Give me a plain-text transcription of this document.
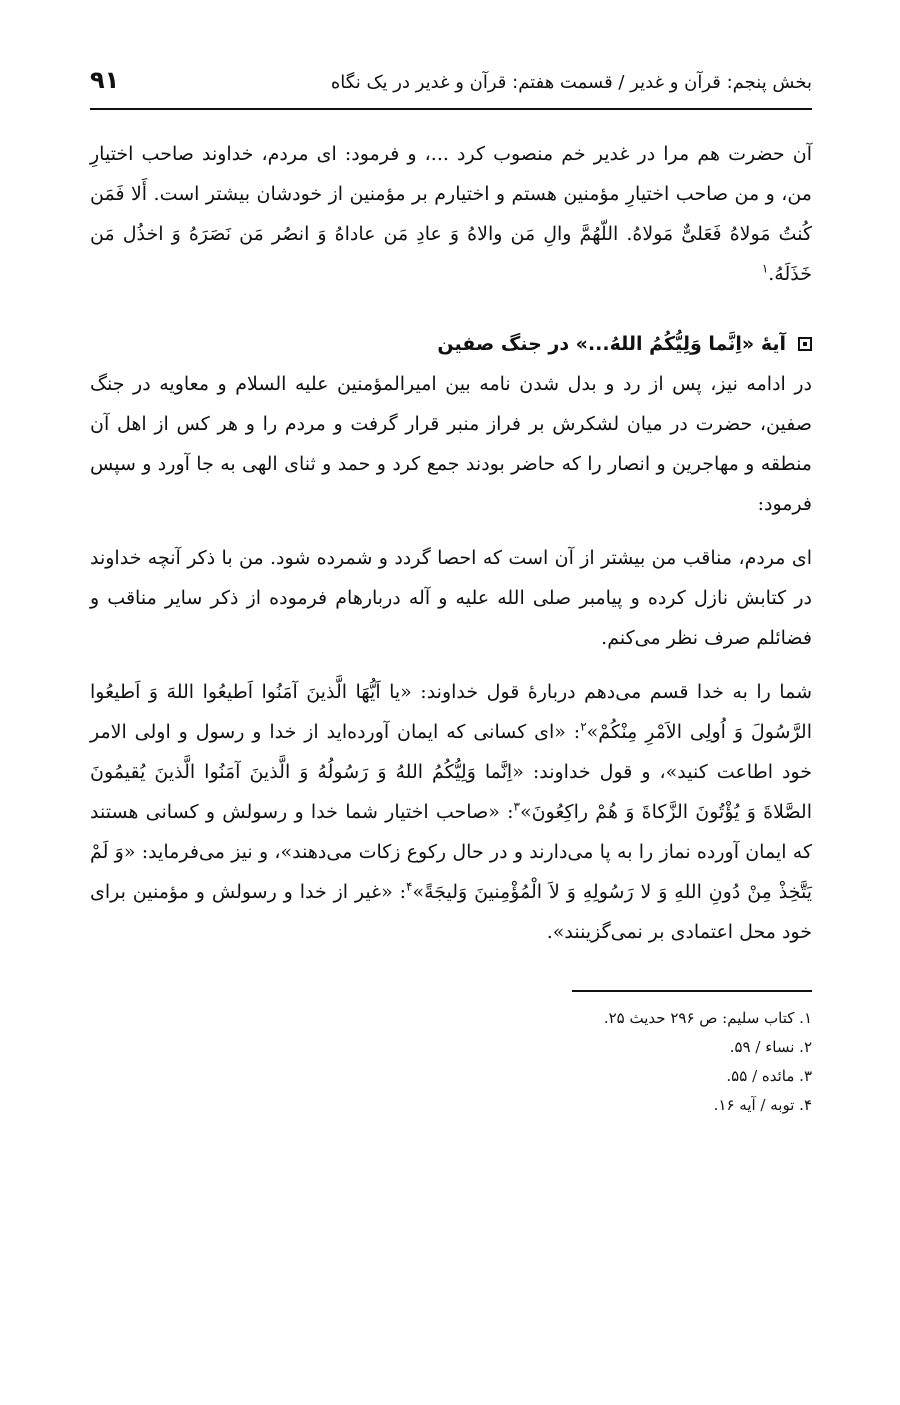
بخش پنجم: قرآن و غدیر / قسمت هفتم: قرآن و غدیر در یک نگاه
۹۱

آن حضرت هم مرا در غدیر خم منصوب کرد ...، و فرمود: ای مردم، خداوند صاحب اختیارِ من، و من صاحب اختیارِ مؤمنین هستم و اختیارم بر مؤمنین از خودشان بیشتر است. أَلا فَمَن کُنتُ مَولاهُ فَعَلیٌّ مَولاهُ. اللّهُمَّ والِ مَن والاهُ وَ عادِ مَن عاداهُ وَ انصُر مَن نَصَرَهُ وَ اخذُل مَن خَذَلَهُ.$^۱$

آیهٔ «اِنَّما وَلِیُّکُمُ اللهُ...» در جنگ صفین

در ادامه نیز، پس از رد و بدل شدن نامه بین امیرالمؤمنین علیه السلام و معاویه در جنگ صفین، حضرت در میان لشکرش بر فراز منبر قرار گرفت و مردم را و هر کس از اهل آن منطقه و مهاجرین و انصار را که حاضر بودند جمع کرد و حمد و ثنای الهی به جا آورد و سپس فرمود:

ای مردم، مناقب من بیشتر از آن است که احصا گردد و شمرده شود. من با ذکر آنچه خداوند در کتابش نازل کرده و پیامبر صلی الله علیه و آله دربارهام فرموده از ذکر سایر مناقب و فضائلم صرف نظر می‌کنم.

شما را به خدا قسم می‌دهم دربارهٔ قول خداوند: «یا اَیُّهَا الَّذینَ آمَنُوا اَطیعُوا اللهَ وَ اَطیعُوا الرَّسُولَ وَ اُولِی الاَمْرِ مِنْکُمْ»$^۲$: «ای کسانی که ایمان آورده‌اید از خدا و رسول و اولی الامر خود اطاعت کنید»، و قول خداوند: «اِنَّما وَلِیُّکُمُ اللهُ وَ رَسُولُهُ وَ الَّذینَ آمَنُوا الَّذینَ یُقیمُونَ الصَّلاةَ وَ یُؤْتُونَ الزَّکاةَ وَ هُمْ راکِعُونَ»$^۳$: «صاحب اختیار شما خدا و رسولش و کسانی هستند که ایمان آورده نماز را به پا می‌دارند و در حال رکوع زکات می‌دهند»، و نیز می‌فرماید: «وَ لَمْ یَتَّخِذْ مِنْ دُونِ اللهِ وَ لا رَسُولِهِ وَ لاَ الْمُؤْمِنینَ وَلیجَةً»$^۴$: «غیر از خدا و رسولش و مؤمنین برای خود محل اعتمادی بر نمی‌گزینند».

۱. کتاب سلیم: ص ۲۹۶ حدیث ۲۵.
۲. نساء / ۵۹.
۳. مائده / ۵۵.
۴. توبه / آیه ۱۶.
